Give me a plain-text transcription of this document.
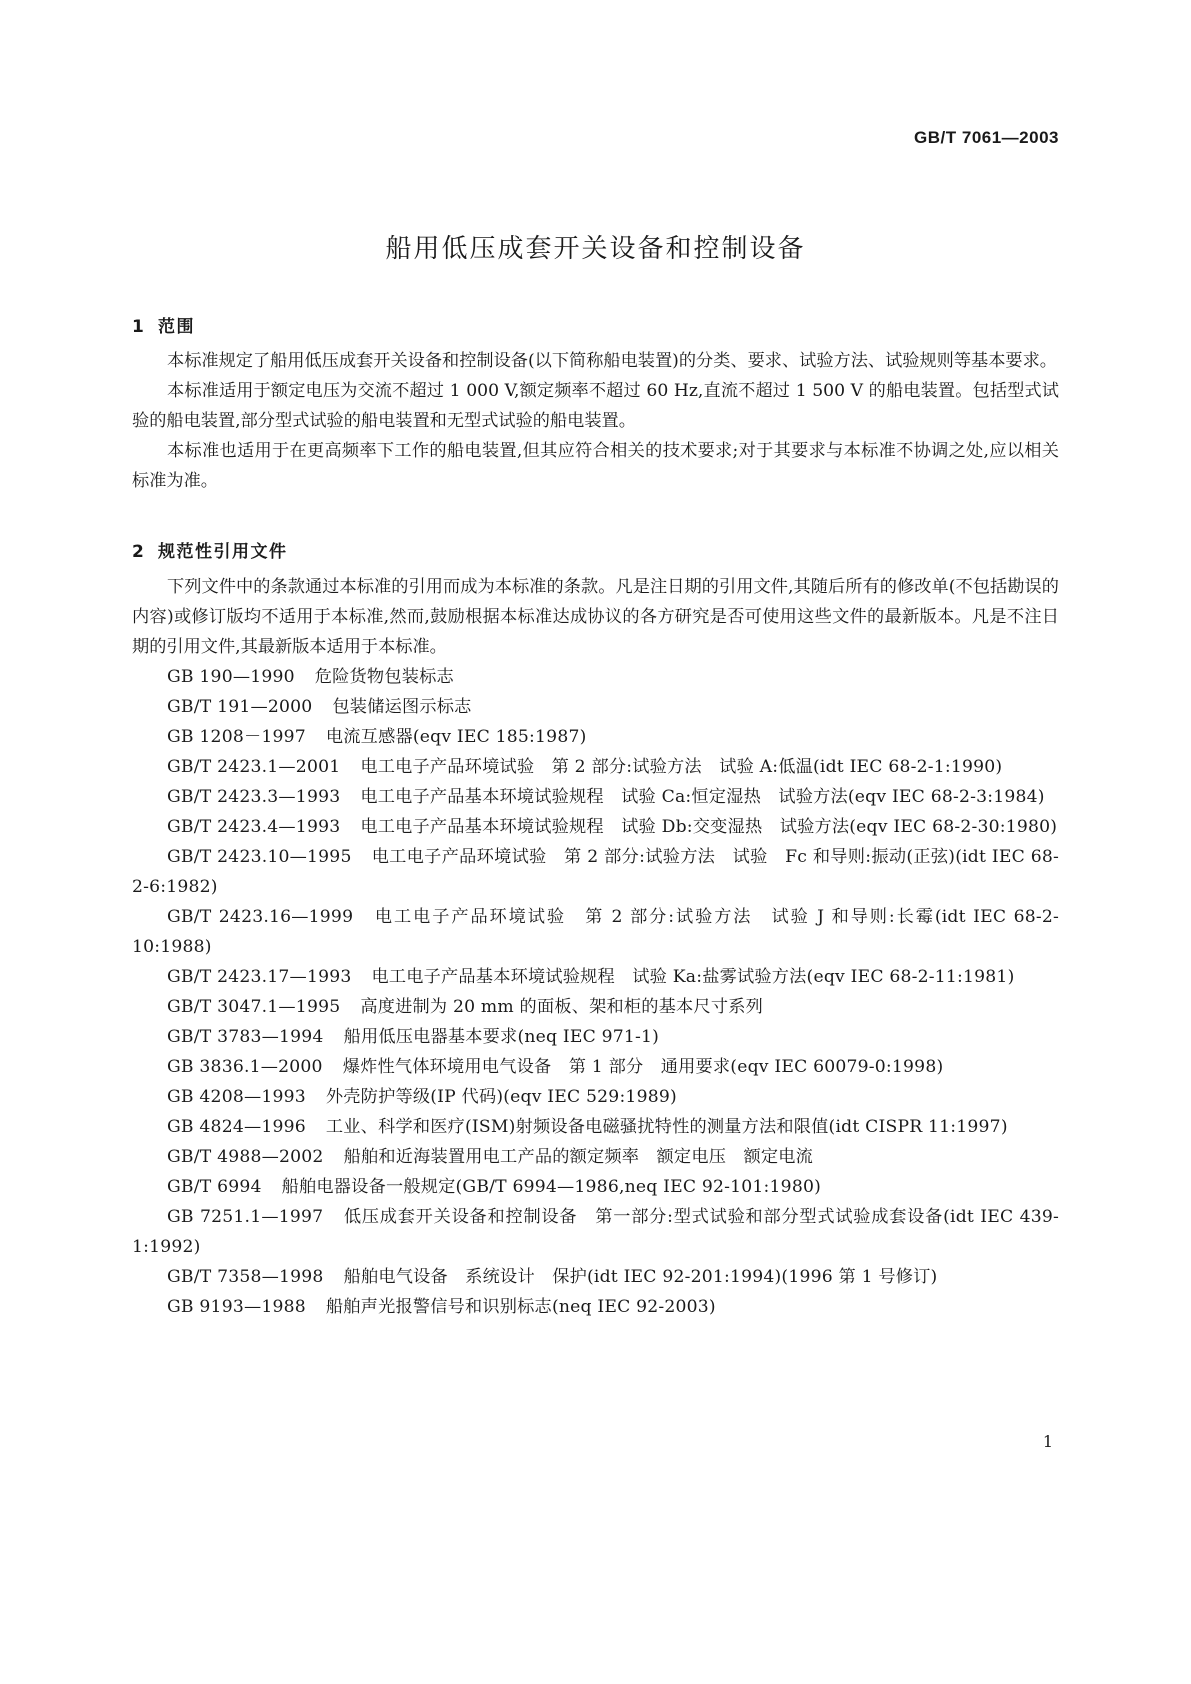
GB/T 7061—2003
船用低压成套开关设备和控制设备
1 范围

本标准规定了船用低压成套开关设备和控制设备(以下简称船电装置)的分类、要求、试验方法、试验规则等基本要求。

本标准适用于额定电压为交流不超过 1 000 V,额定频率不超过 60 Hz,直流不超过 1 500 V 的船电装置。包括型式试验的船电装置,部分型式试验的船电装置和无型式试验的船电装置。

本标准也适用于在更高频率下工作的船电装置,但其应符合相关的技术要求;对于其要求与本标准不协调之处,应以相关标准为准。

2 规范性引用文件

下列文件中的条款通过本标准的引用而成为本标准的条款。凡是注日期的引用文件,其随后所有的修改单(不包括勘误的内容)或修订版均不适用于本标准,然而,鼓励根据本标准达成协议的各方研究是否可使用这些文件的最新版本。凡是不注日期的引用文件,其最新版本适用于本标准。

GB 190—1990 危险货物包装标志

GB/T 191—2000 包装储运图示标志

GB 1208－1997 电流互感器(eqv IEC 185:1987)

GB/T 2423.1—2001 电工电子产品环境试验　第 2 部分:试验方法　试验 A:低温(idt IEC 68-2-1:1990)

GB/T 2423.3—1993 电工电子产品基本环境试验规程　试验 Ca:恒定湿热　试验方法(eqv IEC 68-2-3:1984)

GB/T 2423.4—1993 电工电子产品基本环境试验规程　试验 Db:交变湿热　试验方法(eqv IEC 68-2-30:1980)

GB/T 2423.10—1995 电工电子产品环境试验　第 2 部分:试验方法　试验　Fc 和导则:振动(正弦)(idt IEC 68-2-6:1982)

GB/T 2423.16—1999 电工电子产品环境试验　第 2 部分:试验方法　试验 J 和导则:长霉(idt IEC 68-2-10:1988)

GB/T 2423.17—1993 电工电子产品基本环境试验规程　试验 Ka:盐雾试验方法(eqv IEC 68-2-11:1981)

GB/T 3047.1—1995 高度进制为 20 mm 的面板、架和柜的基本尺寸系列

GB/T 3783—1994 船用低压电器基本要求(neq IEC 971-1)

GB 3836.1—2000 爆炸性气体环境用电气设备　第 1 部分　通用要求(eqv IEC 60079-0:1998)

GB 4208—1993 外壳防护等级(IP 代码)(eqv IEC 529:1989)

GB 4824—1996 工业、科学和医疗(ISM)射频设备电磁骚扰特性的测量方法和限值(idt CISPR 11:1997)

GB/T 4988—2002 船舶和近海装置用电工产品的额定频率　额定电压　额定电流

GB/T 6994 船舶电器设备一般规定(GB/T 6994—1986,neq IEC 92-101:1980)

GB 7251.1—1997 低压成套开关设备和控制设备　第一部分:型式试验和部分型式试验成套设备(idt IEC 439-1:1992)

GB/T 7358—1998 船舶电气设备　系统设计　保护(idt IEC 92-201:1994)(1996 第 1 号修订)

GB 9193—1988 船舶声光报警信号和识别标志(neq IEC 92-2003)

1
